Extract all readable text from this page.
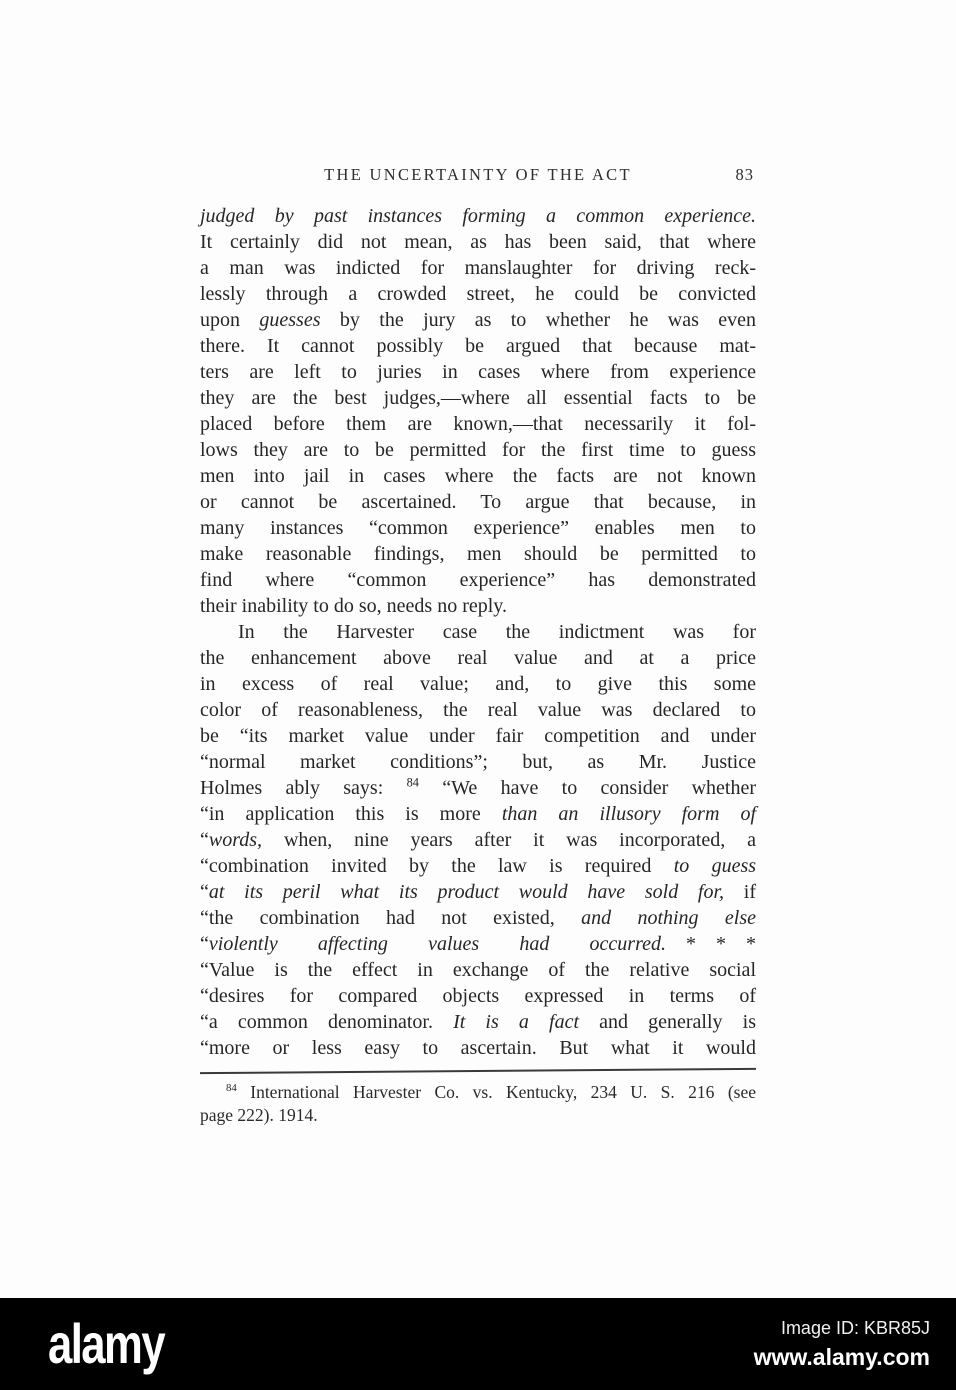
THE UNCERTAINTY OF THE ACT	83
judged by past instances forming a common experience.
It certainly did not mean, as has been said, that where
a man was indicted for manslaughter for driving reck-
lessly through a crowded street, he could be convicted
upon guesses by the jury as to whether he was even
there. It cannot possibly be argued that because mat-
ters are left to juries in cases where from experience
they are the best judges,—where all essential facts to be
placed before them are known,—that necessarily it fol-
lows they are to be permitted for the first time to guess
men into jail in cases where the facts are not known
or cannot be ascertained. To argue that because, in
many instances “common experience” enables men to
make reasonable findings, men should be permitted to
find where “common experience” has demonstrated
their inability to do so, needs no reply.
In the Harvester case the indictment was for
the enhancement above real value and at a price
in excess of real value; and, to give this some
color of reasonableness, the real value was declared to
be “its market value under fair competition and under
“normal market conditions”; but, as Mr. Justice
Holmes ably says: $^{84}$ “We have to consider whether
“in application this is more than an illusory form of
“words, when, nine years after it was incorporated, a
“combination invited by the law is required to guess
“at its peril what its product would have sold for, if
“the combination had not existed, and nothing else
“violently affecting values had occurred. * * *
“Value is the effect in exchange of the relative social
“desires for compared objects expressed in terms of
“a common denominator. It is a fact and generally is
“more or less easy to ascertain. But what it would
$^{84}$ International Harvester Co. vs. Kentucky, 234 U. S. 216 (see
page 222). 1914.
alamy	Image ID: KBR85J
www.alamy.com
